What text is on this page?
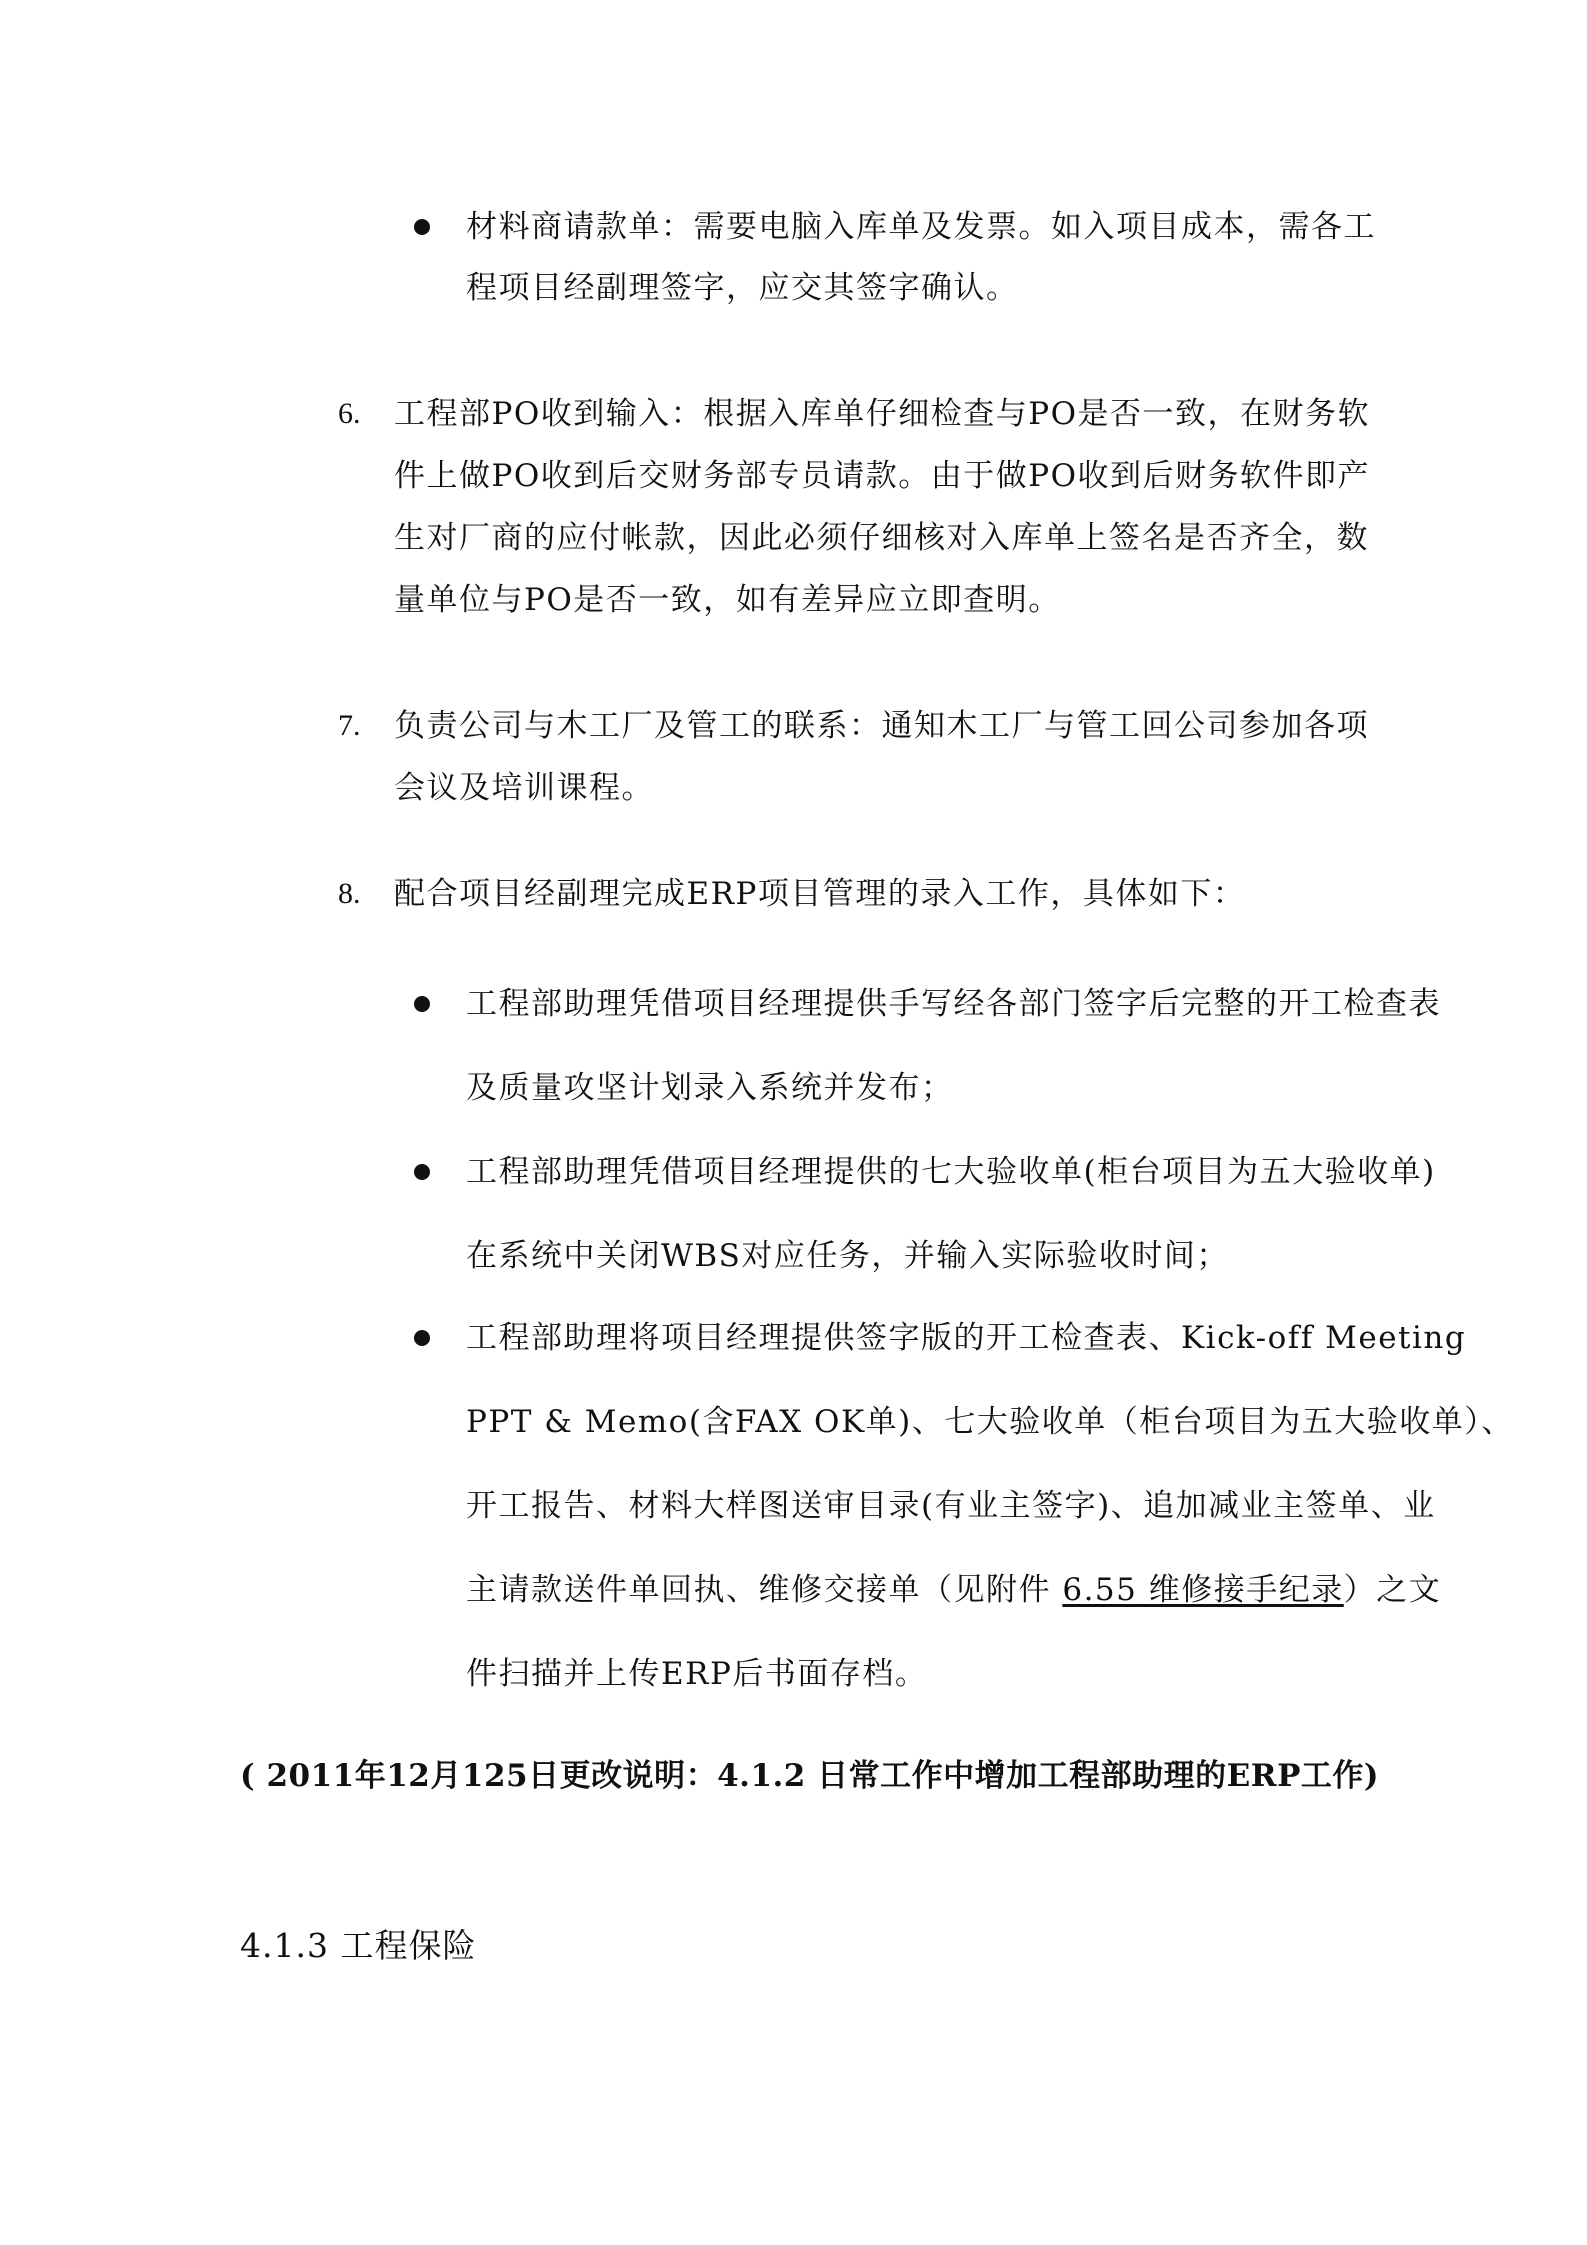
材料商请款单：需要电脑入库单及发票。如入项目成本，需各工
程项目经副理签字，应交其签字确认。
6. 工程部PO收到输入：根据入库单仔细检查与PO是否一致，在财务软
件上做PO收到后交财务部专员请款。由于做PO收到后财务软件即产
生对厂商的应付帐款，因此必须仔细核对入库单上签名是否齐全，数
量单位与PO是否一致，如有差异应立即查明。
7. 负责公司与木工厂及管工的联系：通知木工厂与管工回公司参加各项
会议及培训课程。
8. 配合项目经副理完成ERP项目管理的录入工作，具体如下：
工程部助理凭借项目经理提供手写经各部门签字后完整的开工检查表
及质量攻坚计划录入系统并发布；
工程部助理凭借项目经理提供的七大验收单(柜台项目为五大验收单)
在系统中关闭WBS对应任务，并输入实际验收时间；
工程部助理将项目经理提供签字版的开工检查表、Kick-off Meeting
PPT & Memo(含FAX OK单)、七大验收单（柜台项目为五大验收单）、
开工报告、材料大样图送审目录(有业主签字)、追加减业主签单、业
主请款送件单回执、维修交接单（见附件 6.55 维修接手纪录）之文
件扫描并上传ERP后书面存档。
( 2011年12月125日更改说明：4.1.2 日常工作中增加工程部助理的ERP工作)
4.1.3 工程保险
